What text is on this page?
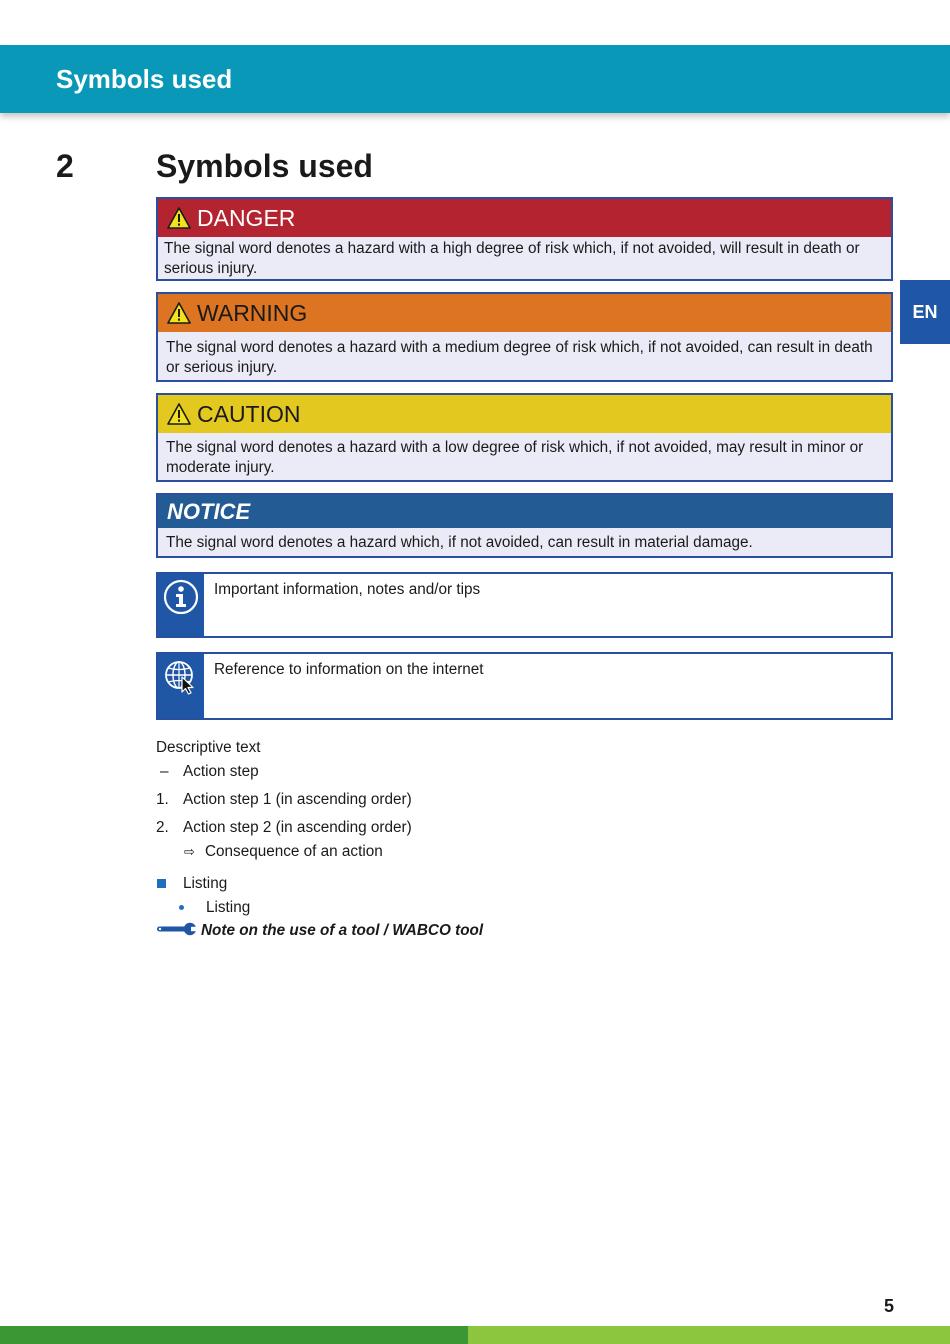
Symbols used
EN
2	Symbols used
DANGER
The signal word denotes a hazard with a high degree of risk which, if not avoided, will result in death or serious injury.
WARNING
The signal word denotes a hazard with a medium degree of risk which, if not avoided, can result in death or serious injury.
CAUTION
The signal word denotes a hazard with a low degree of risk which, if not avoided, may result in minor or moderate injury.
NOTICE
The signal word denotes a hazard which, if not avoided, can result in material damage.
Important information, notes and/or tips
Reference to information on the internet
Descriptive text
– Action step
1. Action step 1 (in ascending order)
2. Action step 2 (in ascending order)
⇨ Consequence of an action
Listing
Listing
Note on the use of a tool / WABCO tool
5
